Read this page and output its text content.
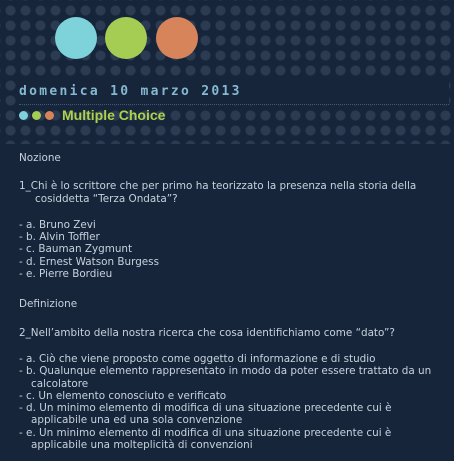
domenica 10 marzo 2013
Multiple Choice
Nozione
1_Chi è lo scrittore che per primo ha teorizzato la presenza nella storia della cosiddetta “Terza Ondata”?
- a. Bruno Zevi
- b. Alvin Toffler
- c. Bauman Zygmunt
- d. Ernest Watson Burgess
- e. Pierre Bordieu
Definizione
2_Nell’ambito della nostra ricerca che cosa identifichiamo come “dato”?
- a. Ciò che viene proposto come oggetto di informazione e di studio
- b. Qualunque elemento rappresentato in modo da poter essere trattato da un calcolatore
- c. Un elemento conosciuto e verificato
- d. Un minimo elemento di modifica di una situazione precedente cui è applicabile una ed una sola convenzione
- e. Un minimo elemento di modifica di una situazione precedente cui è applicabile una molteplicità di convenzioni
